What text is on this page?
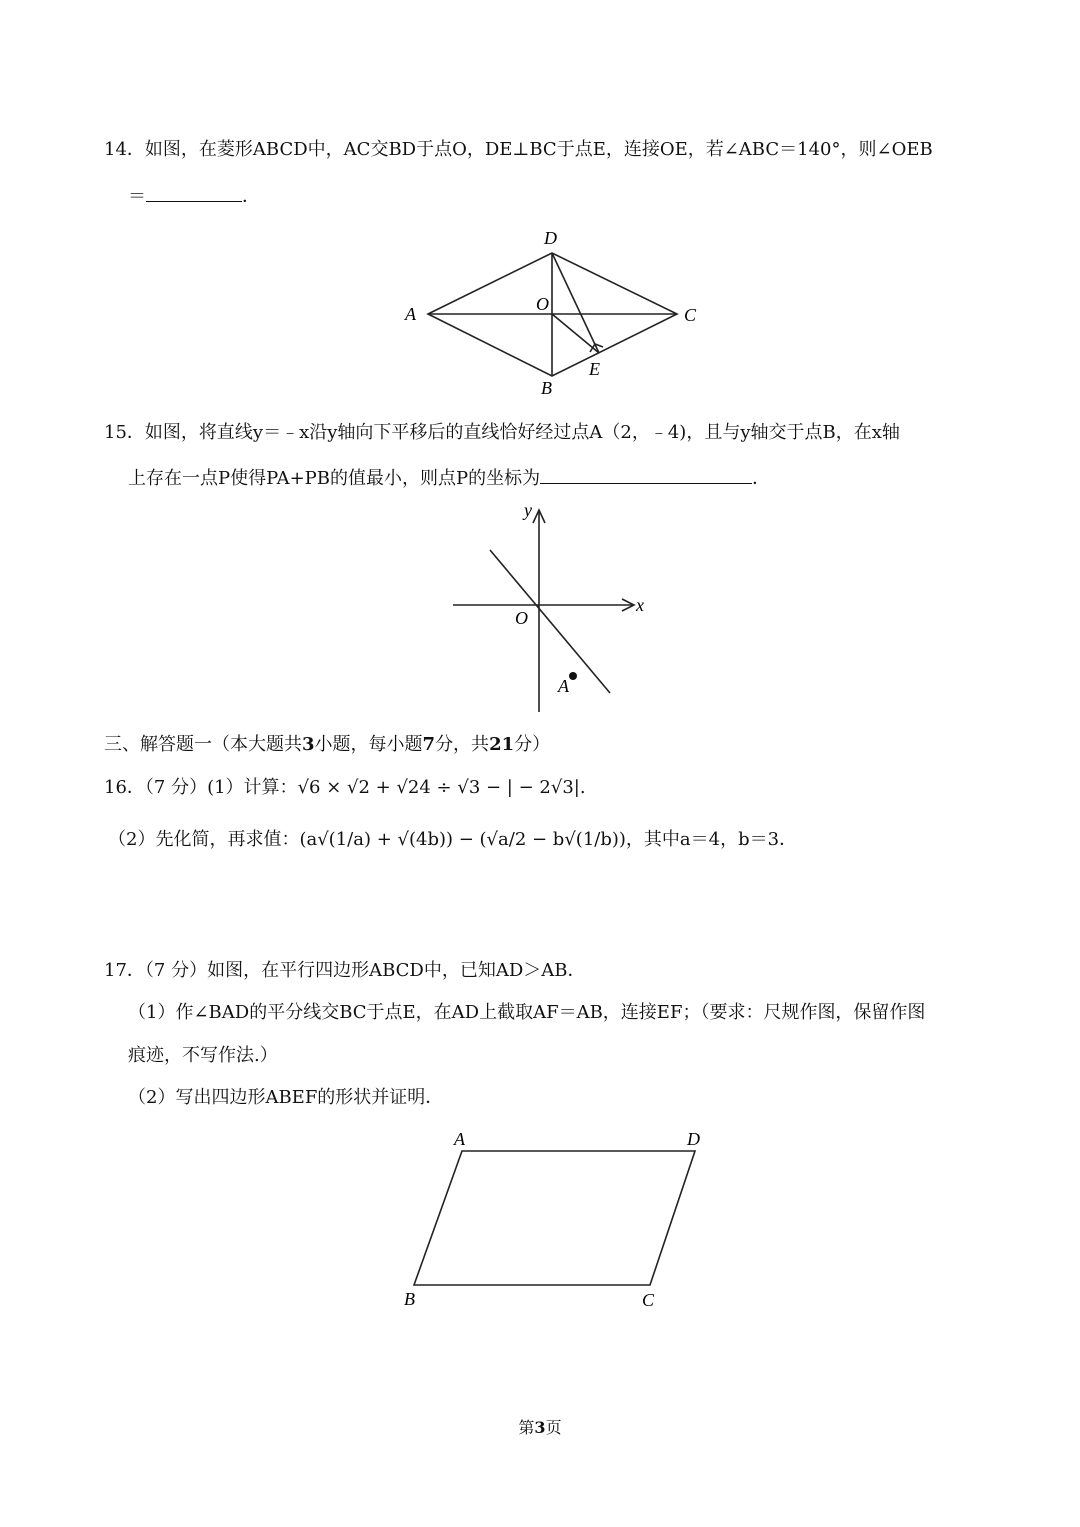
14．如图，在菱形ABCD中，AC交BD于点O，DE⊥BC于点E，连接OE，若∠ABC＝140°，则∠OEB
＝	．
D
A	C
O
B
E
15．如图，将直线y＝﹣x沿y轴向下平移后的直线恰好经过点A（2，﹣4)，且与y轴交于点B，在x轴
上存在一点P使得PA+PB的值最小，则点P的坐标为	．
y
x
O
A
三、解答题一（本大题共3小题，每小题7分，共21分）
16．（7 分）(1）计算：√6 × √2 + √24 ÷ √3 − | − 2√3|.
（2）先化简，再求值：(a√(1/a) + √(4b)) − (√a/2 − b√(1/b))，其中a＝4，b＝3．
17．（7 分）如图，在平行四边形ABCD中，已知AD＞AB．
（1）作∠BAD的平分线交BC于点E，在AD上截取AF＝AB，连接EF；（要求：尺规作图，保留作图
痕迹，不写作法.）
（2）写出四边形ABEF的形状并证明．
A	D
B	C
第3页
